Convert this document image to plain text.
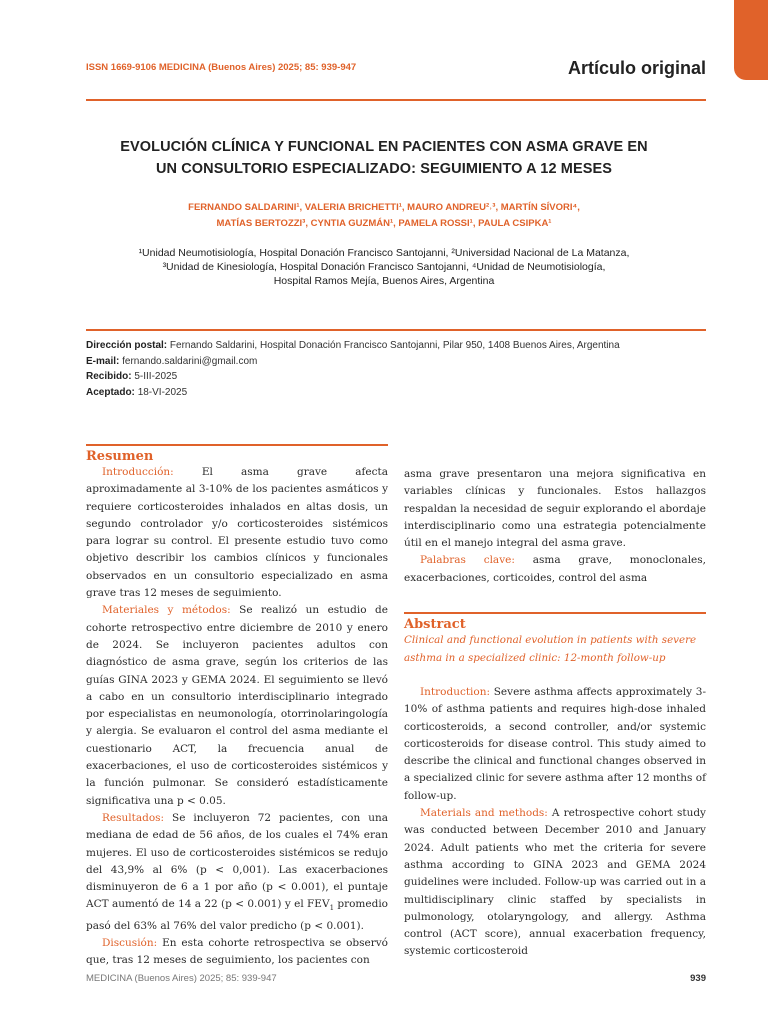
ISSN 1669-9106 MEDICINA (Buenos Aires) 2025; 85: 939-947	Artículo original
EVOLUCIÓN CLÍNICA Y FUNCIONAL EN PACIENTES CON ASMA GRAVE EN
UN CONSULTORIO ESPECIALIZADO: SEGUIMIENTO A 12 MESES
FERNANDO SALDARINI¹, VALERIA BRICHETTI¹, MAURO ANDREU²˒³, MARTÍN SÍVORI⁴,
MATÍAS BERTOZZI³, CYNTIA GUZMÁN¹, PAMELA ROSSI¹, PAULA CSIPKA¹
¹Unidad Neumotisiología, Hospital Donación Francisco Santojanni, ²Universidad Nacional de La Matanza,
³Unidad de Kinesiología, Hospital Donación Francisco Santojanni, ⁴Unidad de Neumotisiología,
Hospital Ramos Mejía, Buenos Aires, Argentina
Dirección postal: Fernando Saldarini, Hospital Donación Francisco Santojanni, Pilar 950, 1408 Buenos Aires, Argentina
E-mail: fernando.saldarini@gmail.com
Recibido: 5-III-2025
Aceptado: 18-VI-2025
Resumen

Introducción:	El asma grave afecta aproximadamente al 3-10% de los pacientes asmáticos y requiere corticosteroides inhalados en altas dosis, un segundo controlador y/o corticosteroides sistémicos para lograr su control. El presente estudio tuvo como objetivo describir los cambios clínicos y funcionales observados en un consultorio especializado en asma grave tras 12 meses de seguimiento.

Materiales y métodos: Se realizó un estudio de cohorte retrospectivo entre diciembre de 2010 y enero de 2024. Se incluyeron pacientes adultos con diagnóstico de asma grave, según los criterios de las guías GINA 2023 y GEMA 2024. El seguimiento se llevó a cabo en un consultorio interdisciplinario integrado por especialistas en neumonología, otorrinolaringología y alergia. Se evaluaron el control del asma mediante el cuestionario ACT, la frecuencia anual de exacerbaciones, el uso de corticosteroides sistémicos y la función pulmonar. Se consideró estadísticamente significativa una p < 0.05.

Resultados: Se incluyeron 72 pacientes, con una mediana de edad de 56 años, de los cuales el 74% eran mujeres. El uso de corticosteroides sistémicos se redujo del 43,9% al 6% (p < 0,001). Las exacerbaciones disminuyeron de 6 a 1 por año (p < 0.001), el puntaje ACT aumentó de 14 a 22 (p < 0.001) y el $FEV_1$ promedio pasó del 63% al 76% del valor predicho (p < 0.001).

Discusión: En esta cohorte retrospectiva se observó que, tras 12 meses de seguimiento, los pacientes con

asma grave presentaron una mejora significativa en variables clínicas y funcionales. Estos hallazgos respaldan la necesidad de seguir explorando el abordaje interdisciplinario como una estrategia potencialmente útil en el manejo integral del asma grave.

Palabras clave: asma grave, monoclonales, exacerbaciones, corticoides, control del asma

Abstract

Clinical and functional evolution in patients with severe asthma in a specialized clinic: 12-month follow-up

Introduction: Severe asthma affects approximately 3-10% of asthma patients and requires high-dose inhaled corticosteroids, a second controller, and/or systemic corticosteroids for disease control. This study aimed to describe the clinical and functional changes observed in a specialized clinic for severe asthma after 12 months of follow-up.

Materials and methods: A retrospective cohort study was conducted between December 2010 and January 2024. Adult patients who met the criteria for severe asthma according to GINA 2023 and GEMA 2024 guidelines were included. Follow-up was carried out in a multidisciplinary clinic staffed by specialists in pulmonology, otolaryngology, and allergy. Asthma control (ACT score), annual exacerbation frequency, systemic corticosteroid

MEDICINA (Buenos Aires) 2025; 85: 939-947	939
